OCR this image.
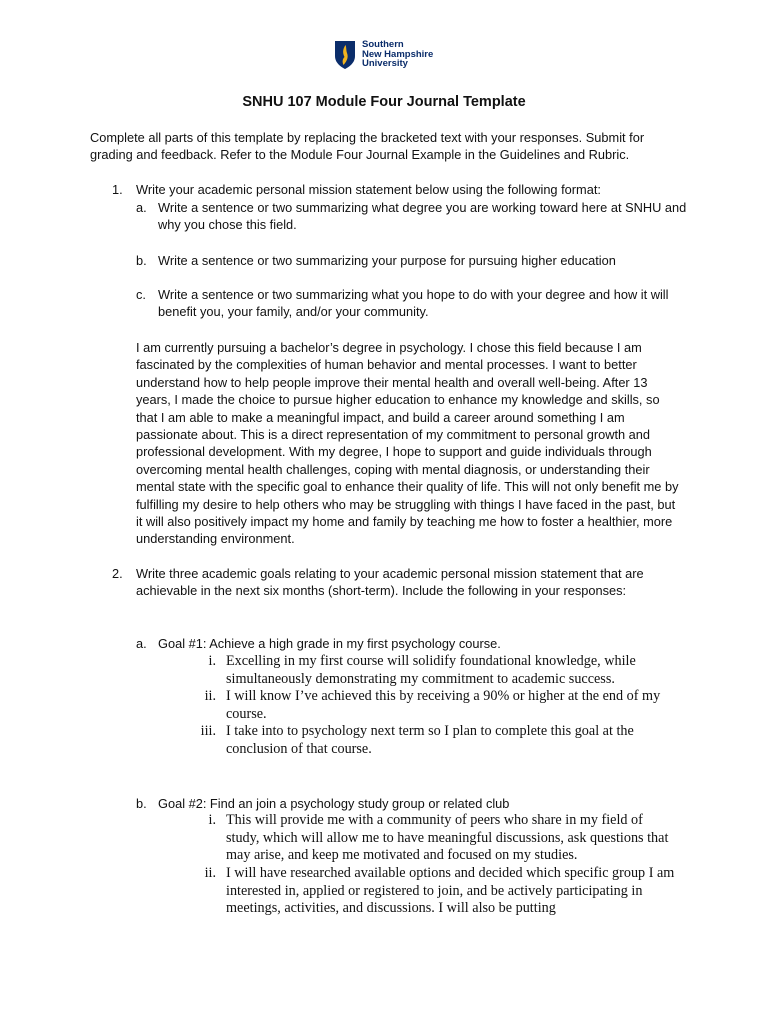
Southern
New Hampshire
University
SNHU 107 Module Four Journal Template
Complete all parts of this template by replacing the bracketed text with your responses. Submit for grading and feedback. Refer to the Module Four Journal Example in the Guidelines and Rubric.
1. Write your academic personal mission statement below using the following format:
a. Write a sentence or two summarizing what degree you are working toward here at SNHU and why you chose this field.
b. Write a sentence or two summarizing your purpose for pursuing higher education
c. Write a sentence or two summarizing what you hope to do with your degree and how it will benefit you, your family, and/or your community.
I am currently pursuing a bachelor’s degree in psychology. I chose this field because I am fascinated by the complexities of human behavior and mental processes. I want to better understand how to help people improve their mental health and overall well-being. After 13 years, I made the choice to pursue higher education to enhance my knowledge and skills, so that I am able to make a meaningful impact, and build a career around something I am passionate about. This is a direct representation of my commitment to personal growth and professional development. With my degree, I hope to support and guide individuals through overcoming mental health challenges, coping with mental diagnosis, or understanding their mental state with the specific goal to enhance their quality of life. This will not only benefit me by fulfilling my desire to help others who may be struggling with things I have faced in the past, but it will also positively impact my home and family by teaching me how to foster a healthier, more understanding environment.
2. Write three academic goals relating to your academic personal mission statement that are achievable in the next six months (short-term). Include the following in your responses:
a. Goal #1: Achieve a high grade in my first psychology course.
i. Excelling in my first course will solidify foundational knowledge, while simultaneously demonstrating my commitment to academic success.
ii. I will know I’ve achieved this by receiving a 90% or higher at the end of my course.
iii. I take into to psychology next term so I plan to complete this goal at the conclusion of that course.
b. Goal #2: Find an join a psychology study group or related club
i. This will provide me with a community of peers who share in my field of study, which will allow me to have meaningful discussions, ask questions that may arise, and keep me motivated and focused on my studies.
ii. I will have researched available options and decided which specific group I am interested in, applied or registered to join, and be actively participating in meetings, activities, and discussions. I will also be putting
